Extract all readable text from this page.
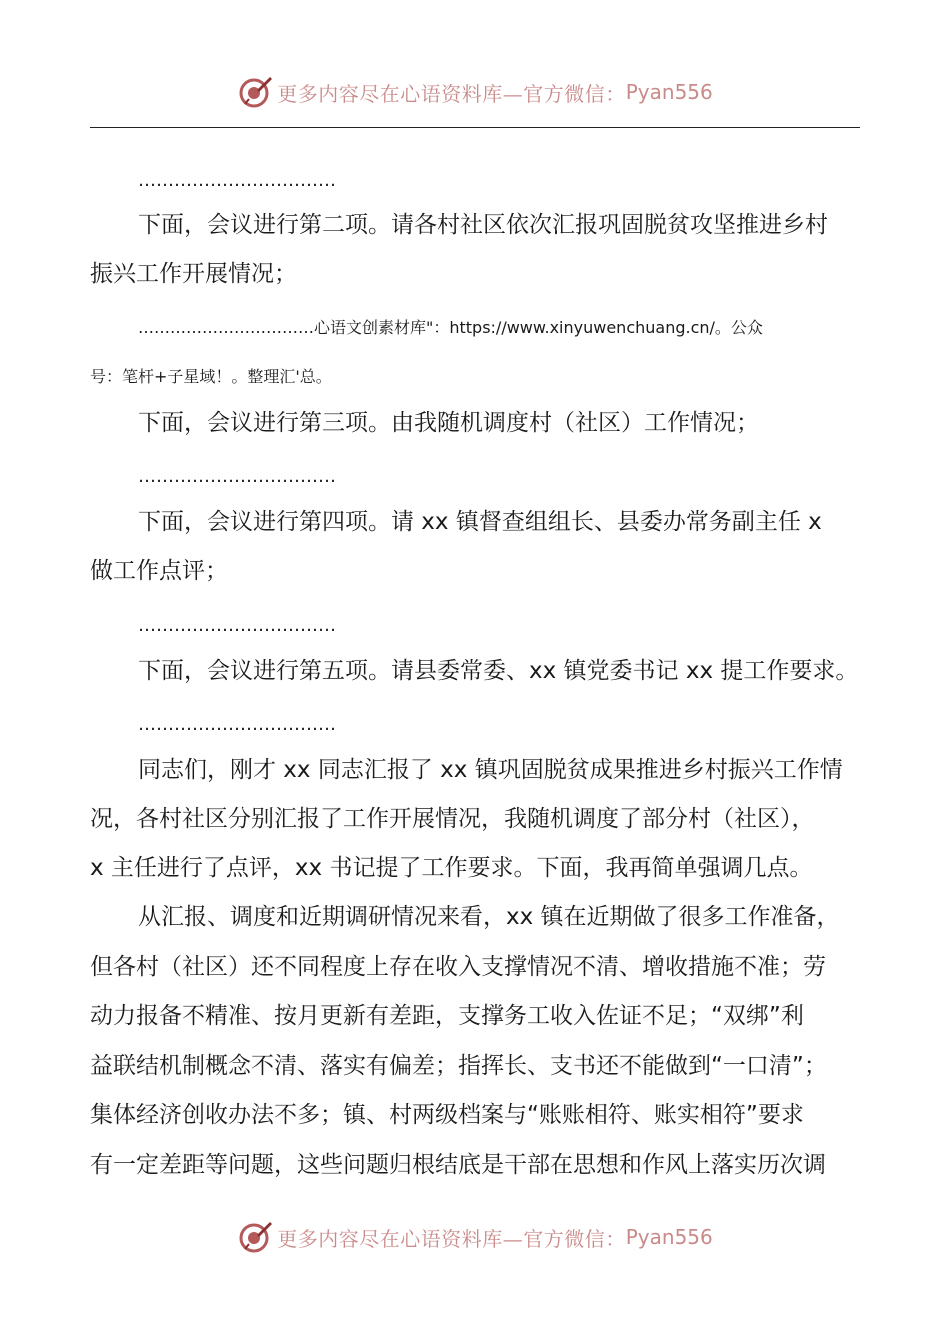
更多内容尽在心语资料库—官方微信： Pyan556
……………………………
下面，会议进行第二项。请各村社区依次汇报巩固脱贫攻坚推进乡村
振兴工作开展情况；
……………………………心语文创素材库"：https://www.xinyuwenchuang.cn/。公众
号：笔杆+子星域！。整理汇'总。
下面，会议进行第三项。由我随机调度村（社区）工作情况；
……………………………
下面，会议进行第四项。请 xx 镇督查组组长、县委办常务副主任 x
做工作点评；
……………………………
下面，会议进行第五项。请县委常委、xx 镇党委书记 xx 提工作要求。
……………………………
同志们，刚才 xx 同志汇报了 xx 镇巩固脱贫成果推进乡村振兴工作情
况，各村社区分别汇报了工作开展情况，我随机调度了部分村（社区），
x 主任进行了点评，xx 书记提了工作要求。下面，我再简单强调几点。
从汇报、调度和近期调研情况来看，xx 镇在近期做了很多工作准备，
但各村（社区）还不同程度上存在收入支撑情况不清、增收措施不准；劳
动力报备不精准、按月更新有差距，支撑务工收入佐证不足；“双绑”利
益联结机制概念不清、落实有偏差；指挥长、支书还不能做到“一口清”；
集体经济创收办法不多；镇、村两级档案与“账账相符、账实相符”要求
有一定差距等问题，这些问题归根结底是干部在思想和作风上落实历次调
更多内容尽在心语资料库—官方微信： Pyan556
